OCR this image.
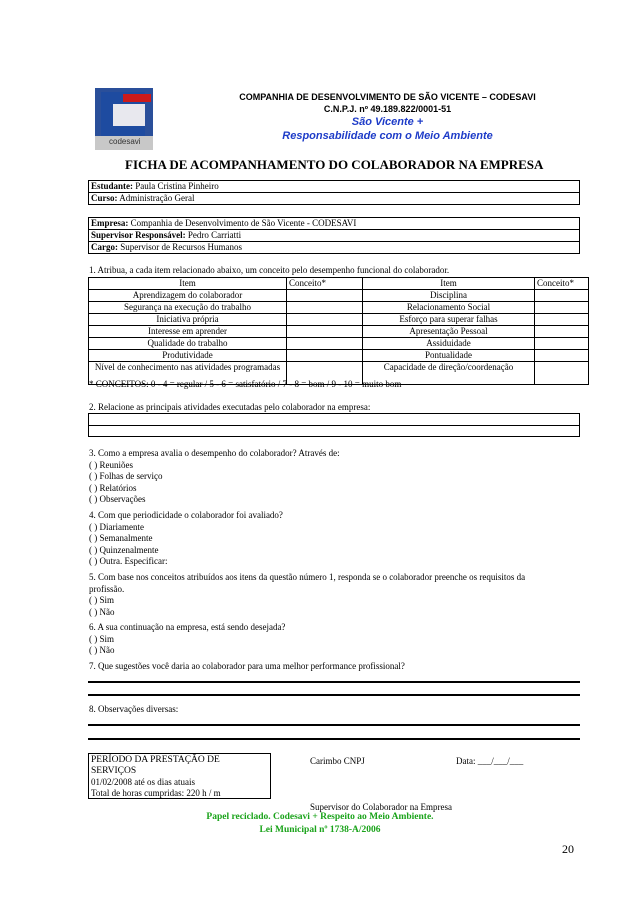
codesavi
COMPANHIA DE DESENVOLVIMENTO DE SÃO VICENTE – CODESAVI
C.N.P.J. nº 49.189.822/0001-51
São Vicente +
Responsabilidade com o Meio Ambiente
FICHA DE ACOMPANHAMENTO DO COLABORADOR NA EMPRESA
Estudante: Paula Cristina Pinheiro
Curso: Administração Geral
Empresa: Companhia de Desenvolvimento de São Vicente - CODESAVI
Supervisor Responsável: Pedro Carriatti
Cargo: Supervisor de Recursos Humanos
1. Atribua, a cada item relacionado abaixo, um conceito pelo desempenho funcional do colaborador.
Item	Conceito*	Item	Conceito*
Aprendizagem do colaborador		Disciplina	
Segurança na execução do trabalho		Relacionamento Social	
Iniciativa própria		Esforço para superar falhas	
Interesse em aprender		Apresentação Pessoal	
Qualidade do trabalho		Assiduidade	
Produtividade		Pontualidade	
Nível de conhecimento nas atividades programadas		Capacidade de direção/coordenação	
* CONCEITOS: 0 - 4 = regular / 5 - 6 = satisfatório / 7 - 8 = bom / 9 - 10 = muito bom
2. Relacione as principais atividades executadas pelo colaborador na empresa:
3. Como a empresa avalia o desempenho do colaborador? Através de:
( ) Reuniões
( ) Folhas de serviço
( ) Relatórios
( ) Observações
4. Com que periodicidade o colaborador foi avaliado?
( ) Diariamente
( ) Semanalmente
( ) Quinzenalmente
( ) Outra. Especificar:
5. Com base nos conceitos atribuídos aos itens da questão número 1, responda se o colaborador preenche os requisitos da
profissão.
( ) Sim
( ) Não
6. A sua continuação na empresa, está sendo desejada?
( ) Sim
( ) Não
7. Que sugestões você daria ao colaborador para uma melhor performance profissional?
8. Observações diversas:
PERÍODO DA PRESTAÇÃO DE
SERVIÇOS
01/02/2008 até os dias atuais
Total de horas cumpridas: 220 h / m
Carimbo CNPJ	Data: ___/___/___
Supervisor do Colaborador na Empresa
Papel reciclado. Codesavi + Respeito ao Meio Ambiente.
Lei Municipal nº 1738-A/2006
20
